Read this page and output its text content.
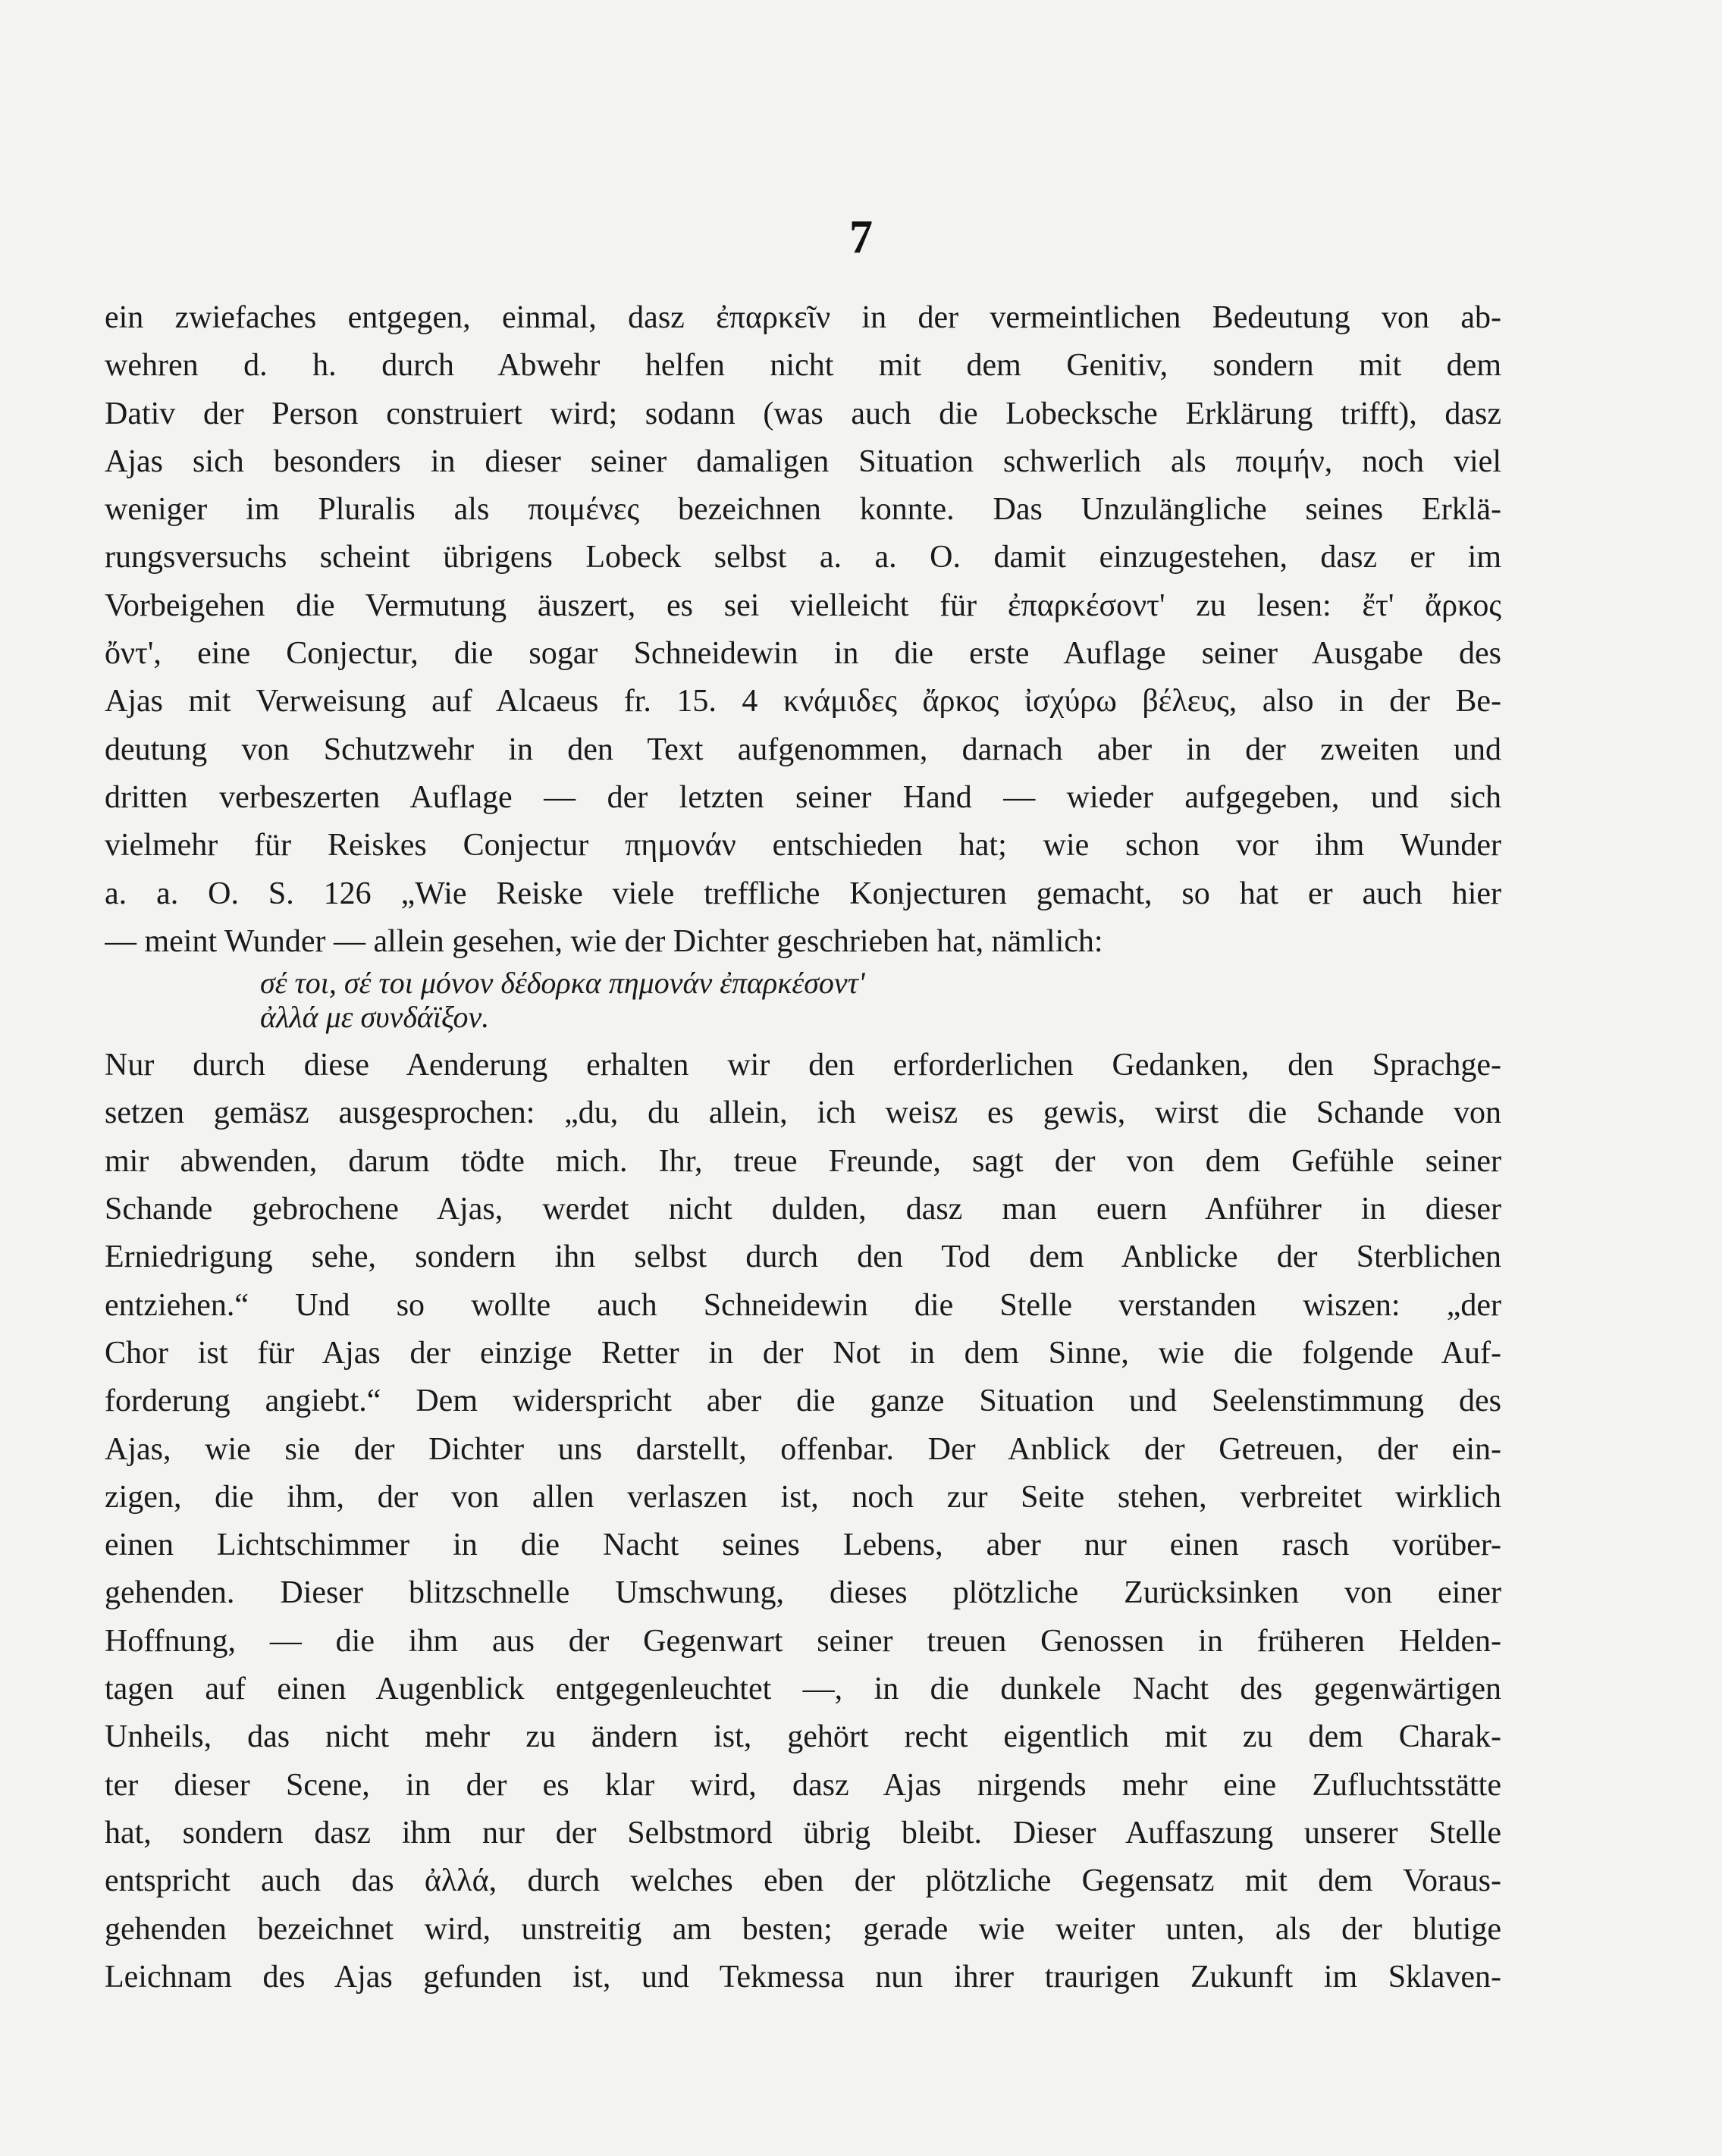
7
ein zwiefaches entgegen, einmal, dasz ἐπαρκεῖν in der vermeintlichen Bedeutung von ab-
wehren d. h. durch Abwehr helfen nicht mit dem Genitiv, sondern mit dem
Dativ der Person construiert wird; sodann (was auch die Lobecksche Erklärung trifft), dasz
Ajas sich besonders in dieser seiner damaligen Situation schwerlich als ποιμήν, noch viel
weniger im Pluralis als ποιμένες bezeichnen konnte. Das Unzulängliche seines Erklä-
rungsversuchs scheint übrigens Lobeck selbst a. a. O. damit einzugestehen, dasz er im
Vorbeigehen die Vermutung äuszert, es sei vielleicht für ἐπαρκέσοντ' zu lesen: ἔτ' ἄρκος
ὄντ', eine Conjectur, die sogar Schneidewin in die erste Auflage seiner Ausgabe des
Ajas mit Verweisung auf Alcaeus fr. 15. 4 κνάμιδες ἄρκος ἰσχύρω βέλευς, also in der Be-
deutung von Schutzwehr in den Text aufgenommen, darnach aber in der zweiten und
dritten verbeszerten Auflage — der letzten seiner Hand — wieder aufgegeben, und sich
vielmehr für Reiskes Conjectur πημονάν entschieden hat; wie schon vor ihm Wunder
a. a. O. S. 126 „Wie Reiske viele treffliche Konjecturen gemacht, so hat er auch hier
— meint Wunder — allein gesehen, wie der Dichter geschrieben hat, nämlich:
σέ τοι, σέ τοι μόνον δέδορκα πημονάν ἐπαρκέσοντ'
ἀλλά με συνδάϊξον.
Nur durch diese Aenderung erhalten wir den erforderlichen Gedanken, den Sprachge-
setzen gemäsz ausgesprochen: „du, du allein, ich weisz es gewis, wirst die Schande von
mir abwenden, darum tödte mich. Ihr, treue Freunde, sagt der von dem Gefühle seiner
Schande gebrochene Ajas, werdet nicht dulden, dasz man euern Anführer in dieser
Erniedrigung sehe, sondern ihn selbst durch den Tod dem Anblicke der Sterblichen
entziehen.“ Und so wollte auch Schneidewin die Stelle verstanden wiszen: „der
Chor ist für Ajas der einzige Retter in der Not in dem Sinne, wie die folgende Auf-
forderung angiebt.“ Dem widerspricht aber die ganze Situation und Seelenstimmung des
Ajas, wie sie der Dichter uns darstellt, offenbar. Der Anblick der Getreuen, der ein-
zigen, die ihm, der von allen verlaszen ist, noch zur Seite stehen, verbreitet wirklich
einen Lichtschimmer in die Nacht seines Lebens, aber nur einen rasch vorüber-
gehenden. Dieser blitzschnelle Umschwung, dieses plötzliche Zurücksinken von einer
Hoffnung, — die ihm aus der Gegenwart seiner treuen Genossen in früheren Helden-
tagen auf einen Augenblick entgegenleuchtet —, in die dunkele Nacht des gegenwärtigen
Unheils, das nicht mehr zu ändern ist, gehört recht eigentlich mit zu dem Charak-
ter dieser Scene, in der es klar wird, dasz Ajas nirgends mehr eine Zufluchtsstätte
hat, sondern dasz ihm nur der Selbstmord übrig bleibt. Dieser Auffaszung unserer Stelle
entspricht auch das ἀλλά, durch welches eben der plötzliche Gegensatz mit dem Voraus-
gehenden bezeichnet wird, unstreitig am besten; gerade wie weiter unten, als der blutige
Leichnam des Ajas gefunden ist, und Tekmessa nun ihrer traurigen Zukunft im Sklaven-
